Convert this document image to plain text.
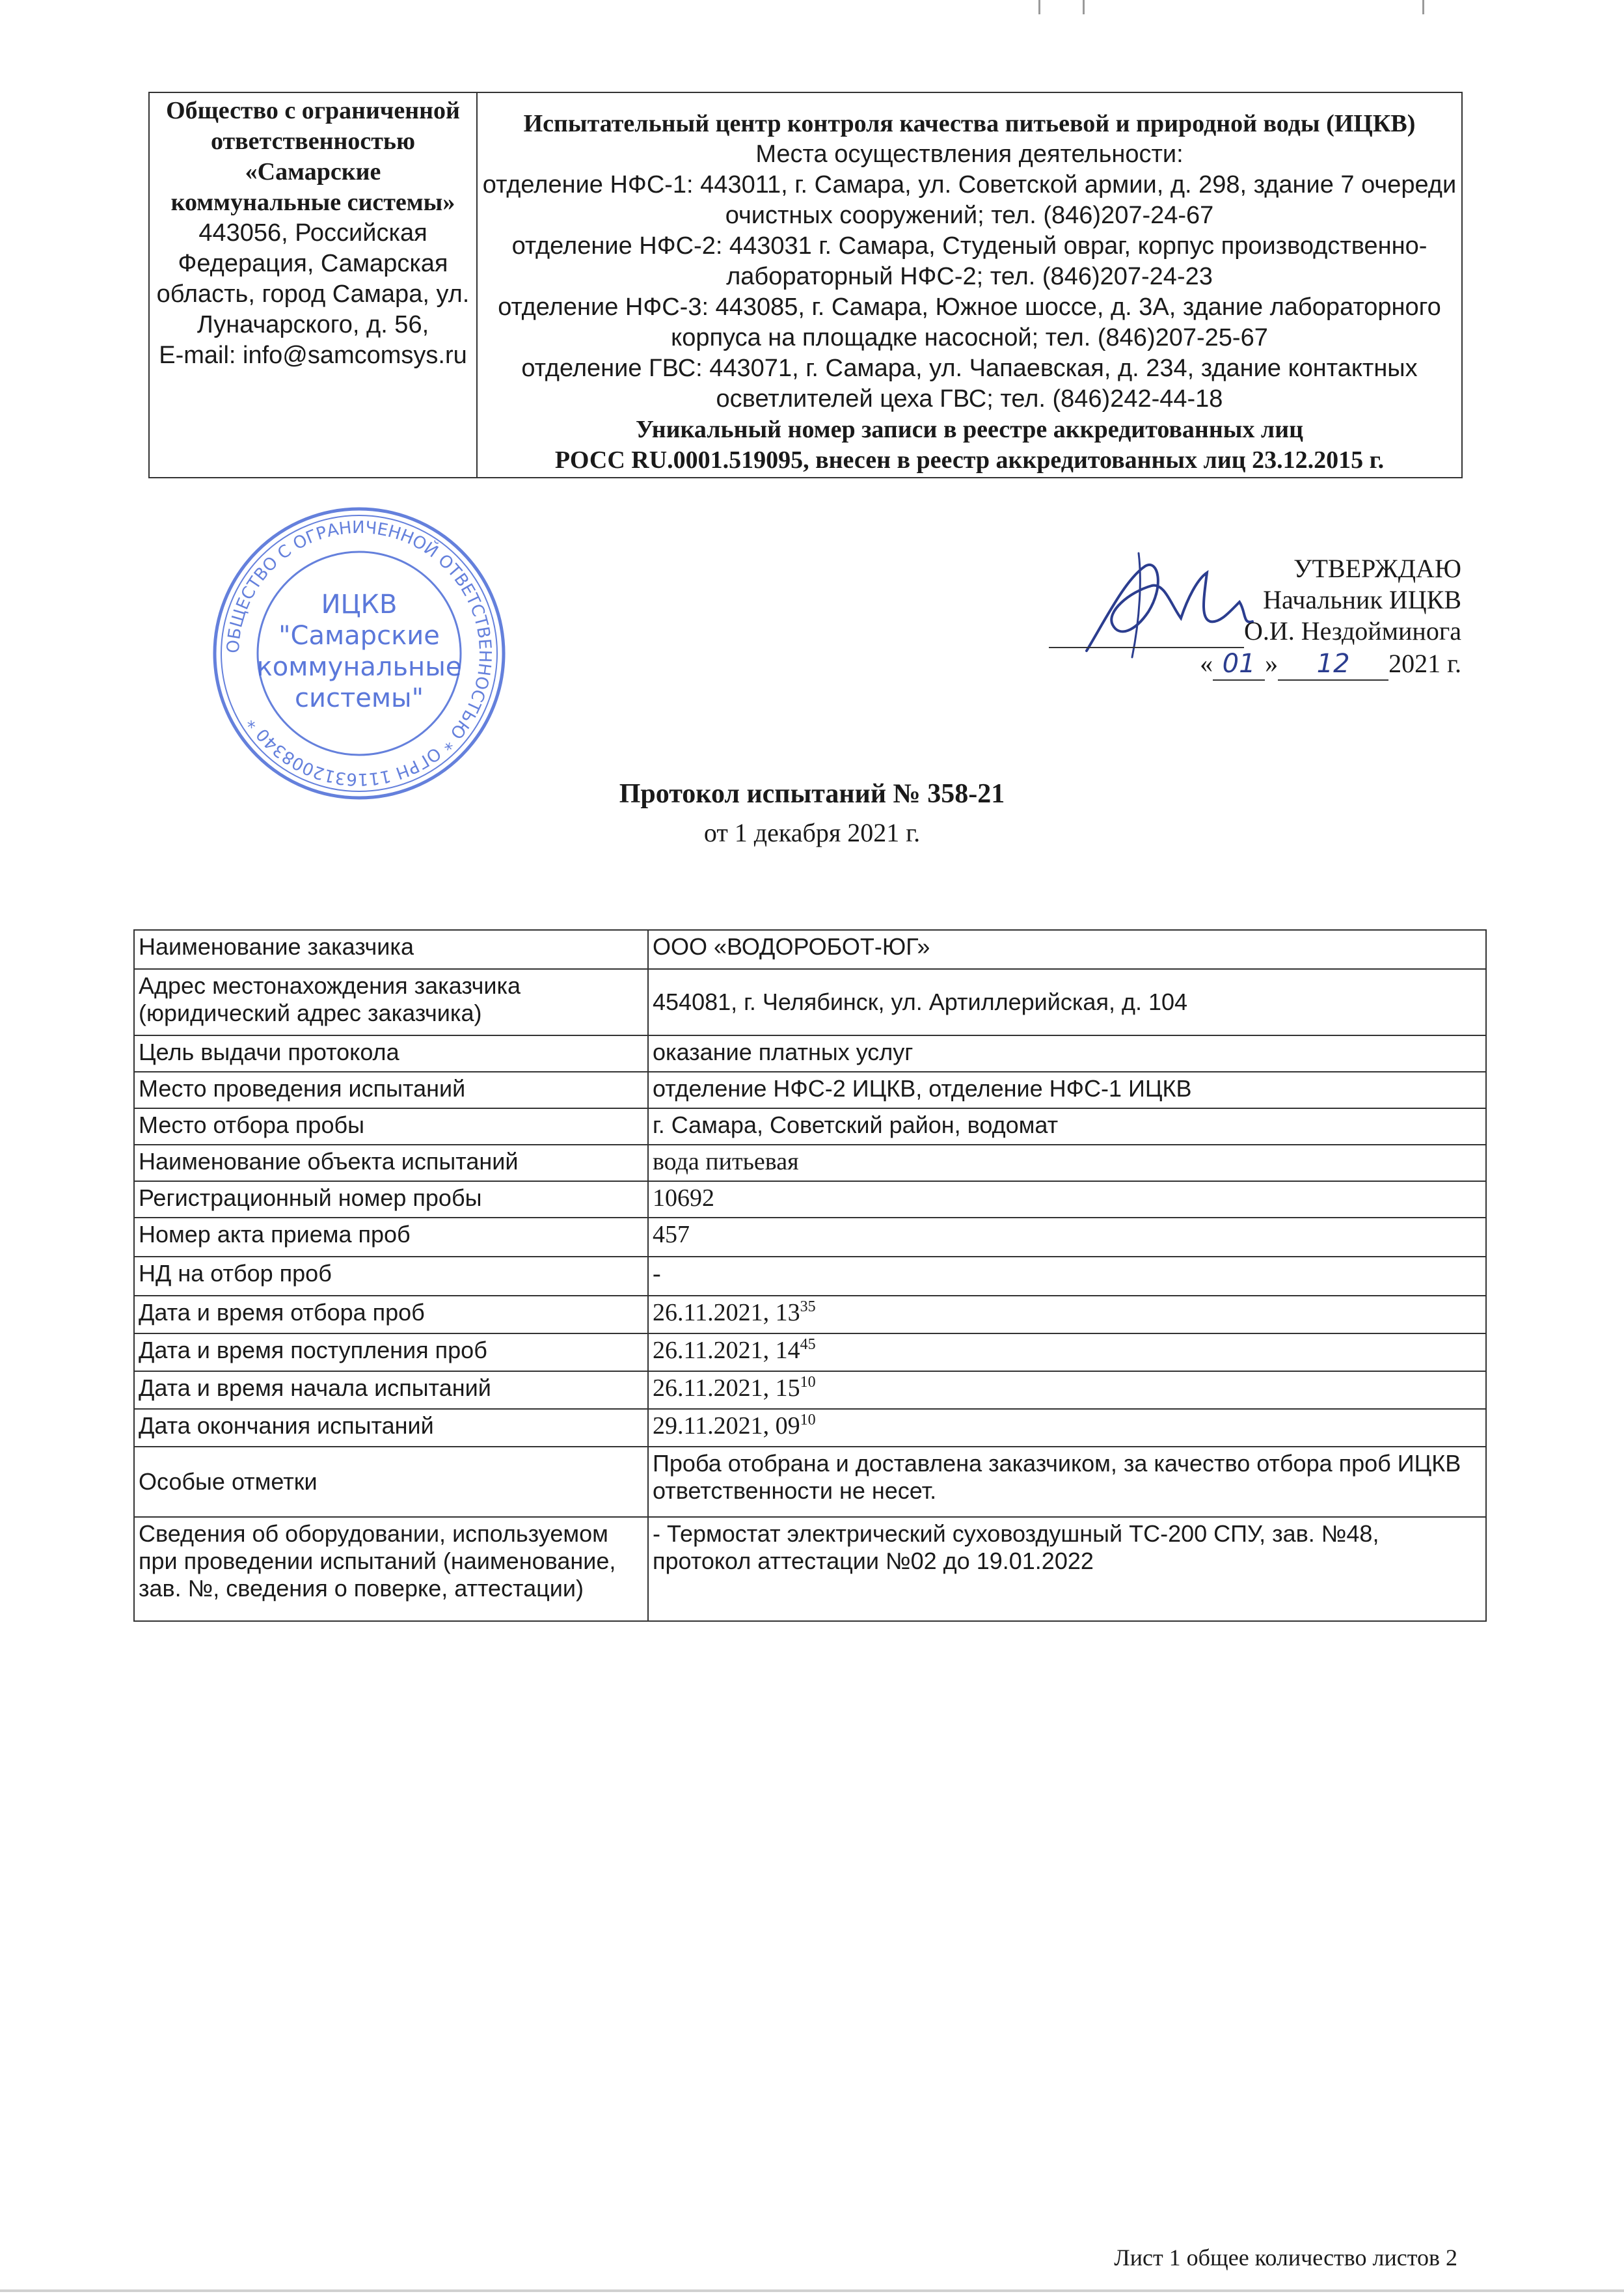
Общество с ограниченной
ответственностью
«Самарские
коммунальные системы»
443056, Российская
Федерация, Самарская
область, город Самара, ул.
Луначарского, д. 56,
E-mail: info@samcomsys.ru
Испытательный центр контроля качества питьевой и природной воды (ИЦКВ)
Места осуществления деятельности:
отделение НФС-1: 443011, г. Самара, ул. Советской армии, д. 298, здание 7 очереди
очистных сооружений; тел. (846)207-24-67
отделение НФС-2: 443031 г. Самара, Студеный овраг, корпус производственно-
лабораторный НФС-2; тел. (846)207-24-23
отделение НФС-3: 443085, г. Самара, Южное шоссе, д. 3А, здание лабораторного
корпуса на площадке насосной; тел. (846)207-25-67
отделение ГВС: 443071, г. Самара, ул. Чапаевская, д. 234, здание контактных
осветлителей цеха ГВС; тел. (846)242-44-18
Уникальный номер записи в реестре аккредитованных лиц
РОСС RU.0001.519095, внесен в реестр аккредитованных лиц 23.12.2015 г.
ОБЩЕСТВО С ОГРАНИЧЕННОЙ ОТВЕТСТВЕННОСТЬЮ * ОГРН 1116312008340 *
ИЦКВ
"Самарские
коммунальные
системы"
УТВЕРЖДАЮ
Начальник ИЦКВ
О.И. Нездойминога
« 01 » 12 2021 г.
Протокол испытаний № 358-21
от 1 декабря 2021 г.
Наименование заказчика	ООО «ВОДОРОБОТ-ЮГ»
Адрес местонахождения заказчика (юридический адрес заказчика)	454081, г. Челябинск, ул. Артиллерийская, д. 104
Цель выдачи протокола	оказание платных услуг
Место проведения испытаний	отделение НФС-2 ИЦКВ, отделение НФС-1 ИЦКВ
Место отбора пробы	г. Самара, Советский район, водомат
Наименование объекта испытаний	вода питьевая
Регистрационный номер пробы	10692
Номер акта приема проб	457
НД на отбор проб	-
Дата и время отбора проб	26.11.2021, $13^{35}$
Дата и время поступления проб	26.11.2021, $14^{45}$
Дата и время начала испытаний	26.11.2021, $15^{10}$
Дата окончания испытаний	29.11.2021, $09^{10}$
Особые отметки	Проба отобрана и доставлена заказчиком, за качество отбора проб ИЦКВ ответственности не несет.
Сведения об оборудовании, используемом при проведении испытаний (наименование, зав. №, сведения о поверке, аттестации)	- Термостат электрический суховоздушный ТС-200 СПУ, зав. №48, протокол аттестации №02 до 19.01.2022
Лист 1 общее количество листов 2
